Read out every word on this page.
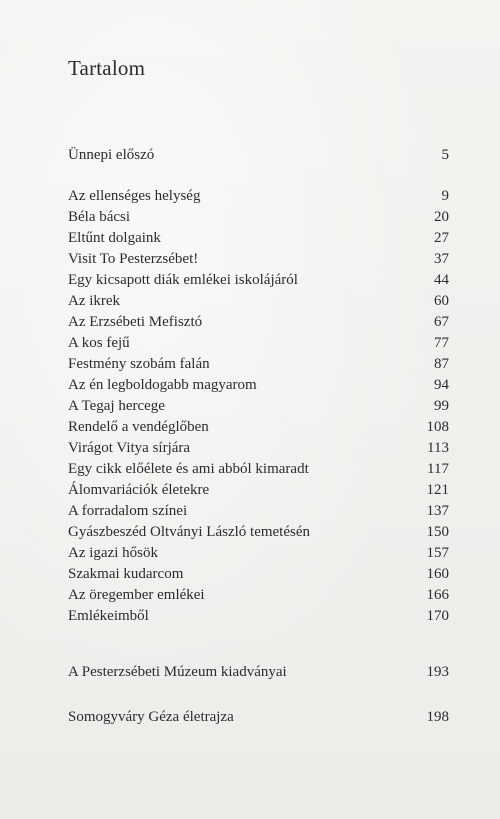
Tartalom
Ünnepi előszó	5
Az ellenséges helység	9
Béla bácsi	20
Eltűnt dolgaink	27
Visit To Pesterzsébet!	37
Egy kicsapott diák emlékei iskolájáról	44
Az ikrek	60
Az Erzsébeti Mefisztó	67
A kos fejű	77
Festmény szobám falán	87
Az én legboldogabb magyarom	94
A Tegaj hercege	99
Rendelő a vendéglőben	108
Virágot Vitya sírjára	113
Egy cikk előélete és ami abból kimaradt	117
Álomvariációk életekre	121
A forradalom színei	137
Gyászbeszéd Oltványi László temetésén	150
Az igazi hősök	157
Szakmai kudarcom	160
Az öregember emlékei	166
Emlékeimből	170
A Pesterzsébeti Múzeum kiadványai	193
Somogyváry Géza életrajza	198
